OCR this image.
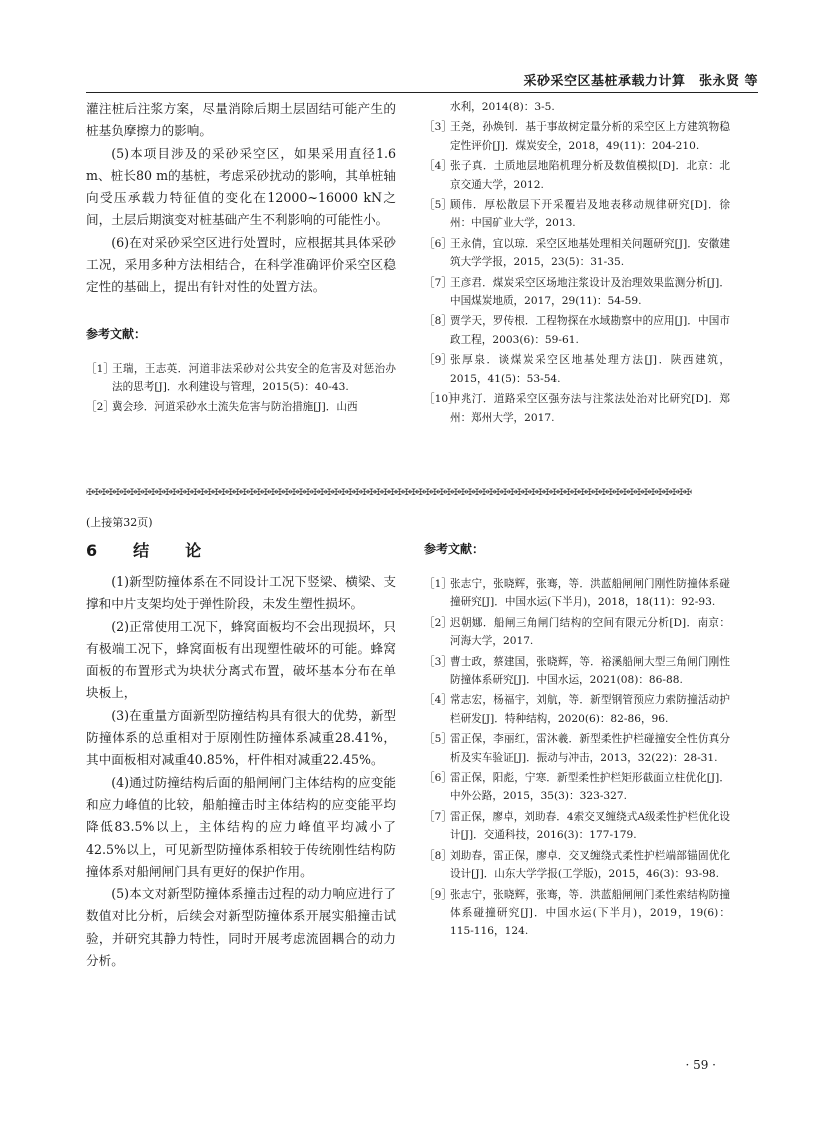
采砂采空区基桩承载力计算　张永贤 等

灌注桩后注浆方案，尽量消除后期土层固结可能产生的桩基负摩擦力的影响。

(5)本项目涉及的采砂采空区，如果采用直径1.6 m、桩长80 m的基桩，考虑采砂扰动的影响，其单桩轴向受压承载力特征值的变化在12000~16000 kN之间，土层后期演变对桩基础产生不利影响的可能性小。

(6)在对采砂采空区进行处置时，应根据其具体采砂工况，采用多种方法相结合，在科学准确评价采空区稳定性的基础上，提出有针对性的处置方法。

参考文献：
［1］
王瑞，王志英．河道非法采砂对公共安全的危害及对惩治办法的思考[J]．水利建设与管理，2015(5)：40-43.
［2］
冀会珍．河道采砂水土流失危害与防治措施[J]．山西
水利，2014(8)：3-5.
［3］
王尧，孙焕钊．基于事故树定量分析的采空区上方建筑物稳定性评价[J]．煤炭安全，2018，49(11)：204-210.
［4］
张子真．土质地层地陷机理分析及数值模拟[D]．北京：北京交通大学，2012.
［5］
顾伟．厚松散层下开采覆岩及地表移动规律研究[D]．徐州：中国矿业大学，2013.
［6］
王永倩，宜以琼．采空区地基处理相关问题研究[J]．安徽建筑大学学报，2015，23(5)：31-35.
［7］
王彦君．煤炭采空区场地注浆设计及治理效果监测分析[J]．中国煤炭地质，2017，29(11)：54-59.
［8］
贾学天，罗传根．工程物探在水域勘察中的应用[J]．中国市政工程，2003(6)：59-61.
［9］
张厚泉．谈煤炭采空区地基处理方法[J]．陕西建筑，2015，41(5)：53-54.
［10］
申兆汀．道路采空区强夯法与注浆法处治对比研究[D]．郑州：郑州大学，2017.
✠✠✠✠✠✠✠✠✠✠✠✠✠✠✠✠✠✠✠✠✠✠✠✠✠✠✠✠✠✠✠✠✠✠✠✠✠✠✠✠✠✠✠✠✠✠✠✠✠✠✠✠✠✠✠✠✠✠✠✠✠✠✠✠✠✠✠✠✠✠✠✠✠✠✠✠✠✠✠✠✠✠✠✠✠✠

(上接第32页)

6　结　论

(1)新型防撞体系在不同设计工况下竖梁、横梁、支撑和中片支架均处于弹性阶段，未发生塑性损坏。

(2)正常使用工况下，蜂窝面板均不会出现损坏，只有极端工况下，蜂窝面板有出现塑性破坏的可能。蜂窝面板的布置形式为块状分离式布置，破坏基本分布在单块板上，

(3)在重量方面新型防撞结构具有很大的优势，新型防撞体系的总重相对于原刚性防撞体系减重28.41%，其中面板相对减重40.85%，杆件相对减重22.45%。

(4)通过防撞结构后面的船闸闸门主体结构的应变能和应力峰值的比较，船舶撞击时主体结构的应变能平均降低83.5%以上，主体结构的应力峰值平均减小了42.5%以上，可见新型防撞体系相较于传统刚性结构防撞体系对船闸闸门具有更好的保护作用。

(5)本文对新型防撞体系撞击过程的动力响应进行了数值对比分析，后续会对新型防撞体系开展实船撞击试验，并研究其静力特性，同时开展考虑流固耦合的动力分析。

参考文献：
［1］
张志宁，张晓辉，张骞，等．洪蓝船闸闸门刚性防撞体系碰撞研究[J]．中国水运(下半月)，2018，18(11)：92-93.
［2］
迟朝娜．船闸三角闸门结构的空间有限元分析[D]．南京：河海大学，2017.
［3］
曹士政，蔡建国，张晓辉，等．裕溪船闸大型三角闸门刚性防撞体系研究[J]．中国水运，2021(08)：86-88.
［4］
常志宏，杨福宇，刘航，等．新型钢管预应力索防撞活动护栏研发[J]．特种结构，2020(6)：82-86，96.
［5］
雷正保，李丽红，雷沐羲．新型柔性护栏碰撞安全性仿真分析及实车验证[J]．振动与冲击，2013，32(22)：28-31.
［6］
雷正保，阳彪，宁寒．新型柔性护栏矩形截面立柱优化[J]．中外公路，2015，35(3)：323-327.
［7］
雷正保，廖卓，刘助春．4索交叉缠绕式A级柔性护栏优化设计[J]．交通科技，2016(3)：177-179.
［8］
刘助春，雷正保，廖卓．交叉缠绕式柔性护栏端部锚固优化设计[J]．山东大学学报(工学版)，2015，46(3)：93-98.
［9］
张志宁，张晓辉，张骞，等．洪蓝船闸闸门柔性索结构防撞体系碰撞研究[J]．中国水运(下半月)，2019，19(6)：115-116，124.
· 59 ·
